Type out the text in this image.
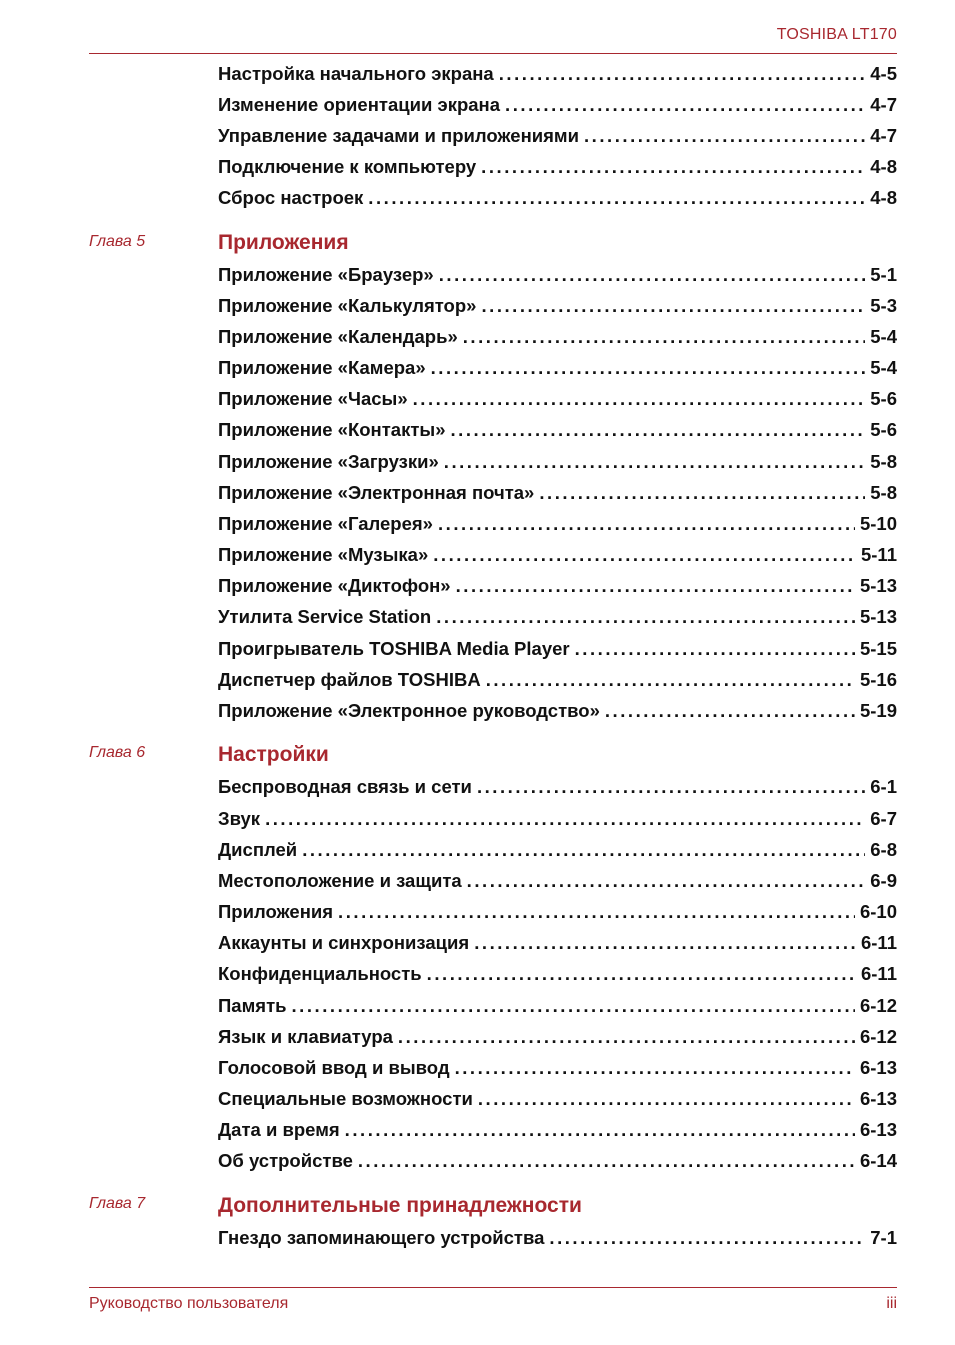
TOSHIBA LT170
Настройка начального экрана . . .	4-5
Изменение ориентации экрана . . .	4-7
Управление задачами и приложениями . . .	4-7
Подключение к компьютеру . . .	4-8
Сброс настроек . . .	4-8
Глава 5	Приложения
Приложение «Браузер» . . .	5-1
Приложение «Калькулятор» . . .	5-3
Приложение «Календарь» . . .	5-4
Приложение «Камера» . . .	5-4
Приложение «Часы» . . .	5-6
Приложение «Контакты» . . .	5-6
Приложение «Загрузки» . . .	5-8
Приложение «Электронная почта» . . .	5-8
Приложение «Галерея» . . .	5-10
Приложение «Музыка» . . .	5-11
Приложение «Диктофон» . . .	5-13
Утилита Service Station . . .	5-13
Проигрыватель TOSHIBA Media Player . . .	5-15
Диспетчер файлов TOSHIBA . . .	5-16
Приложение «Электронное руководство» . . .	5-19
Глава 6	Настройки
Беспроводная связь и сети . . .	6-1
Звук . . .	6-7
Дисплей . . .	6-8
Местоположение и защита . . .	6-9
Приложения . . .	6-10
Аккаунты и синхронизация . . .	6-11
Конфиденциальность . . .	6-11
Память . . .	6-12
Язык и клавиатура . . .	6-12
Голосовой ввод и вывод . . .	6-13
Специальные возможности . . .	6-13
Дата и время . . .	6-13
Об устройстве . . .	6-14
Глава 7	Дополнительные принадлежности
Гнездо запоминающего устройства . . .	7-1
Руководство пользователя	iii
